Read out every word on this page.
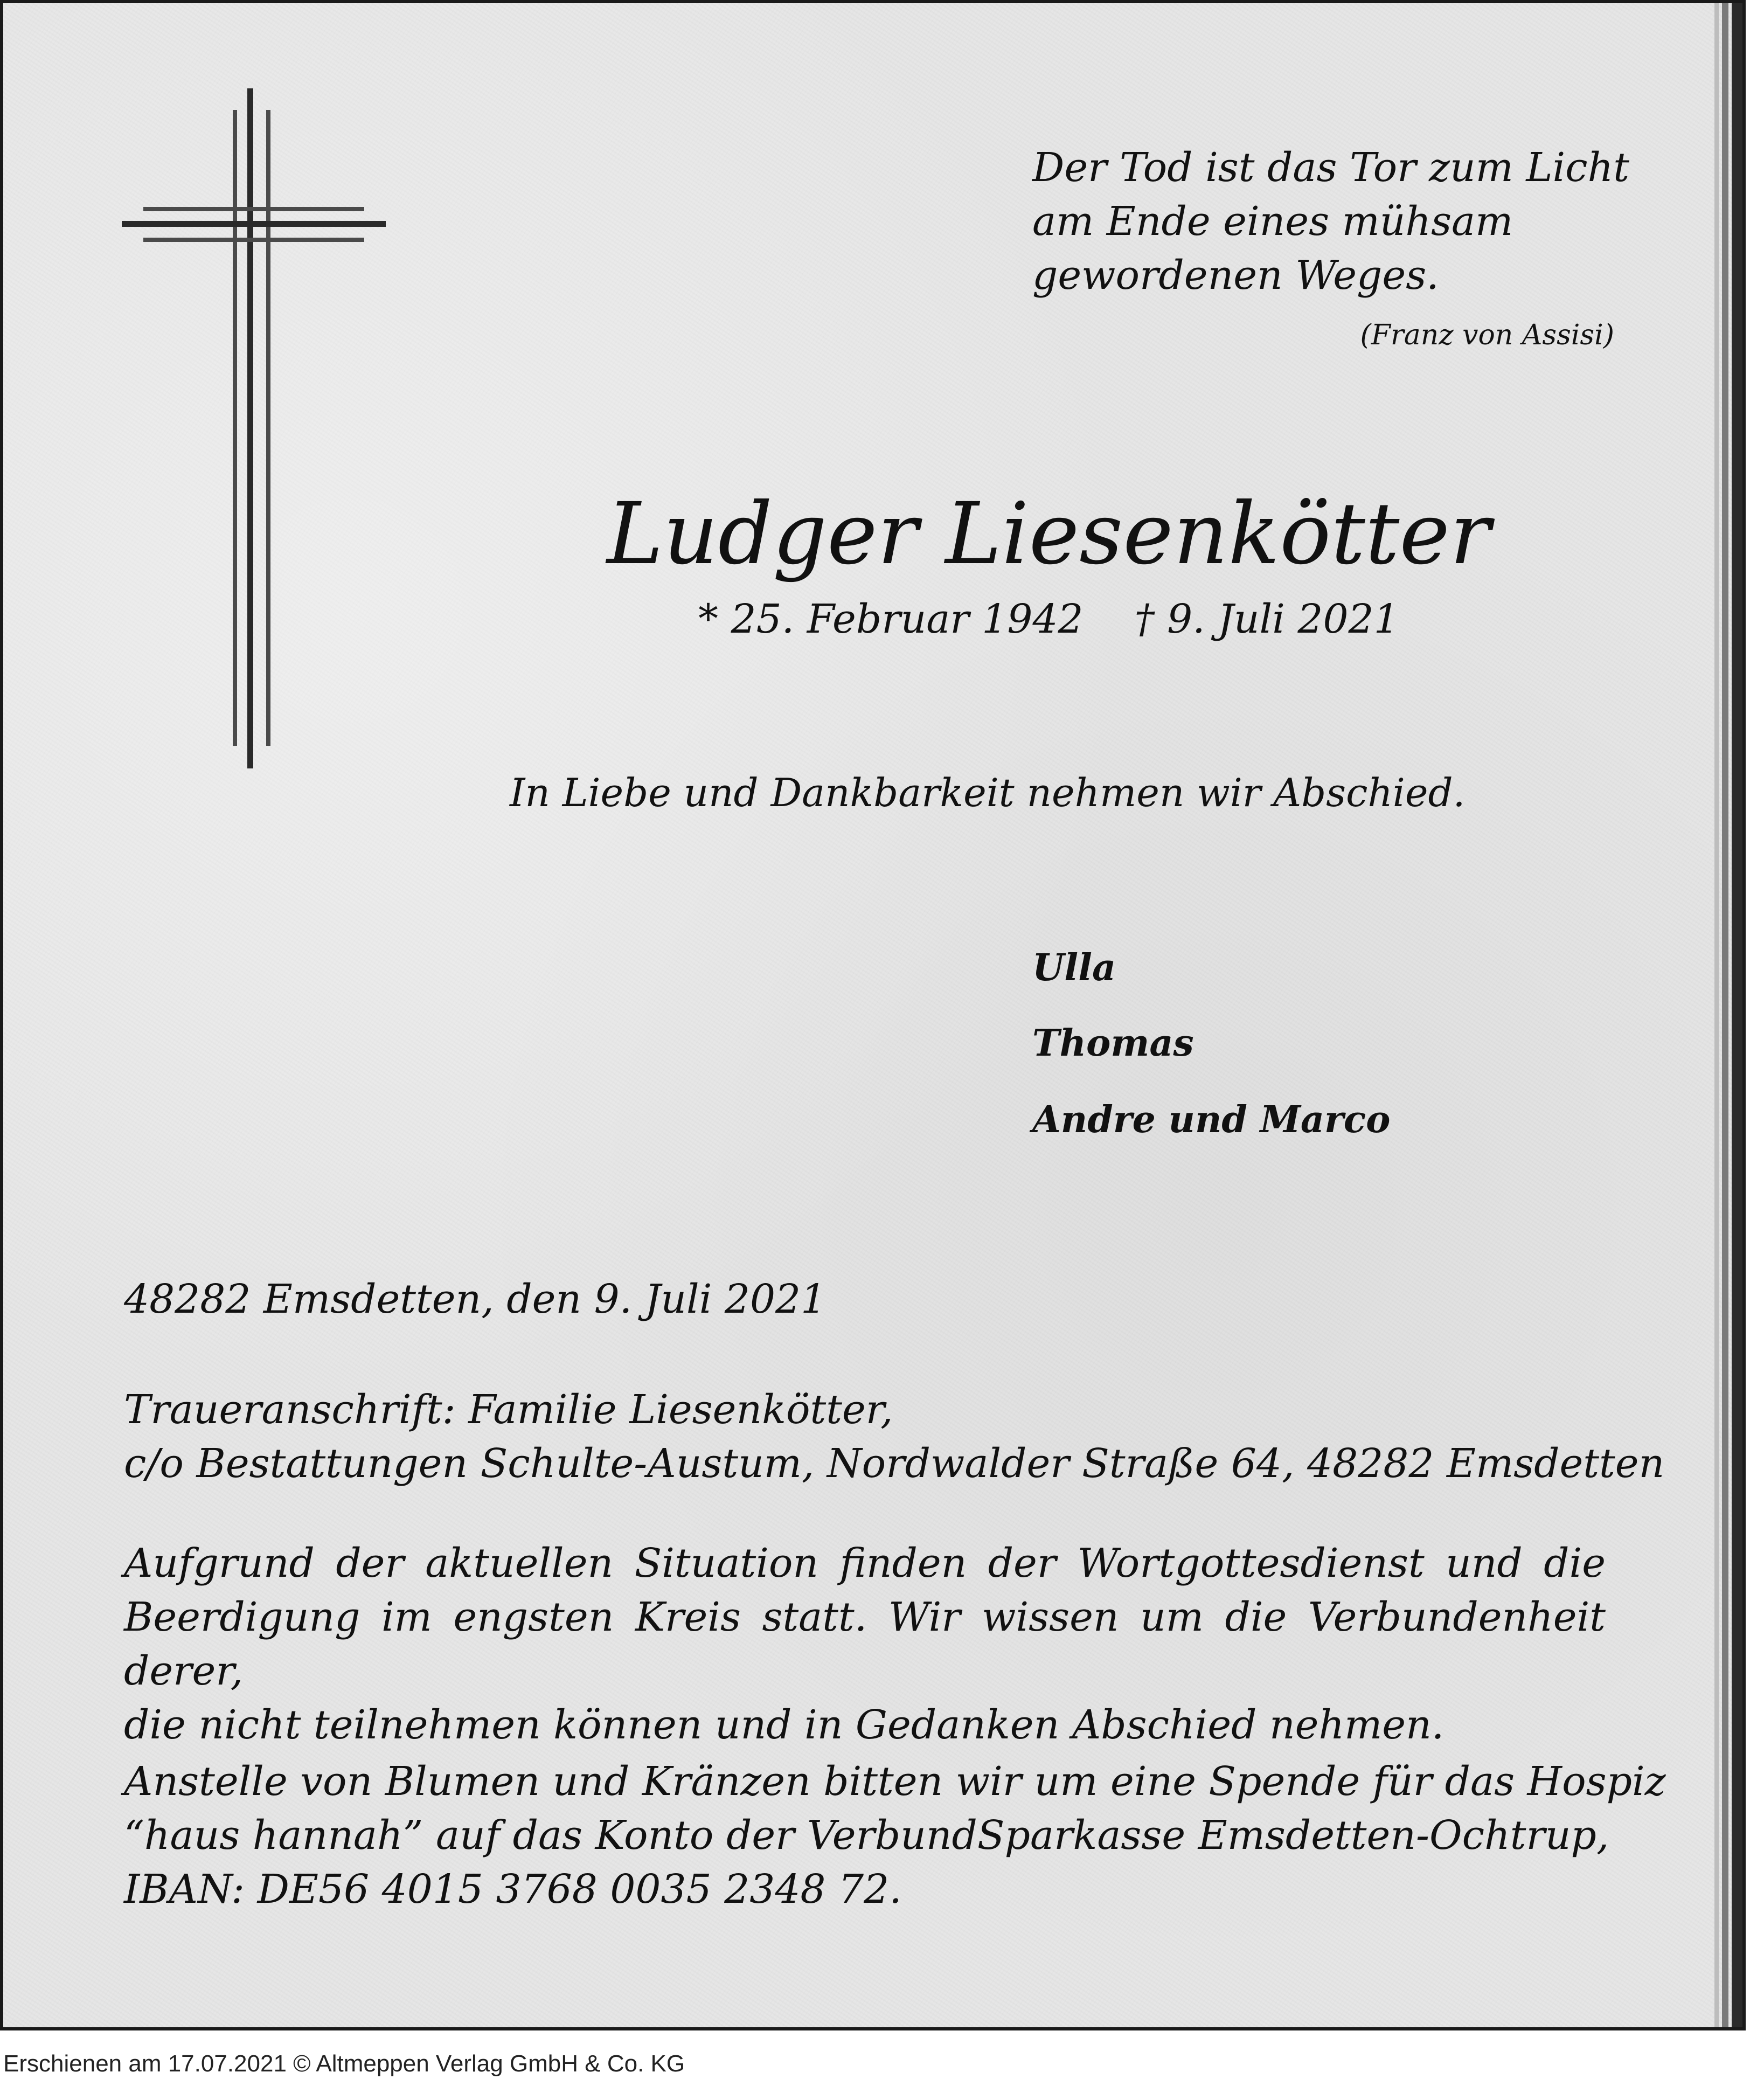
Der Tod ist das Tor zum Licht
am Ende eines mühsam
gewordenen Weges.

(Franz von Assisi)

Ludger Liesenkötter

* 25. Februar 1942 † 9. Juli 2021

In Liebe und Dankbarkeit nehmen wir Abschied.

Ulla

Thomas

Andre und Marco

48282 Emsdetten, den 9. Juli 2021

Traueranschrift: Familie Liesenkötter,

c/o Bestattungen Schulte-Austum, Nordwalder Straße 64, 48282 Emsdetten

Aufgrund der aktuellen Situation finden der Wortgottesdienst und die
Beerdigung im engsten Kreis statt. Wir wissen um die Verbundenheit derer,
die nicht teilnehmen können und in Gedanken Abschied nehmen.
Anstelle von Blumen und Kränzen bitten wir um eine Spende für das Hospiz
“haus hannah” auf das Konto der VerbundSparkasse Emsdetten-Ochtrup,
IBAN: DE56 4015 3768 0035 2348 72.
Erschienen am 17.07.2021 © Altmeppen Verlag GmbH & Co. KG
